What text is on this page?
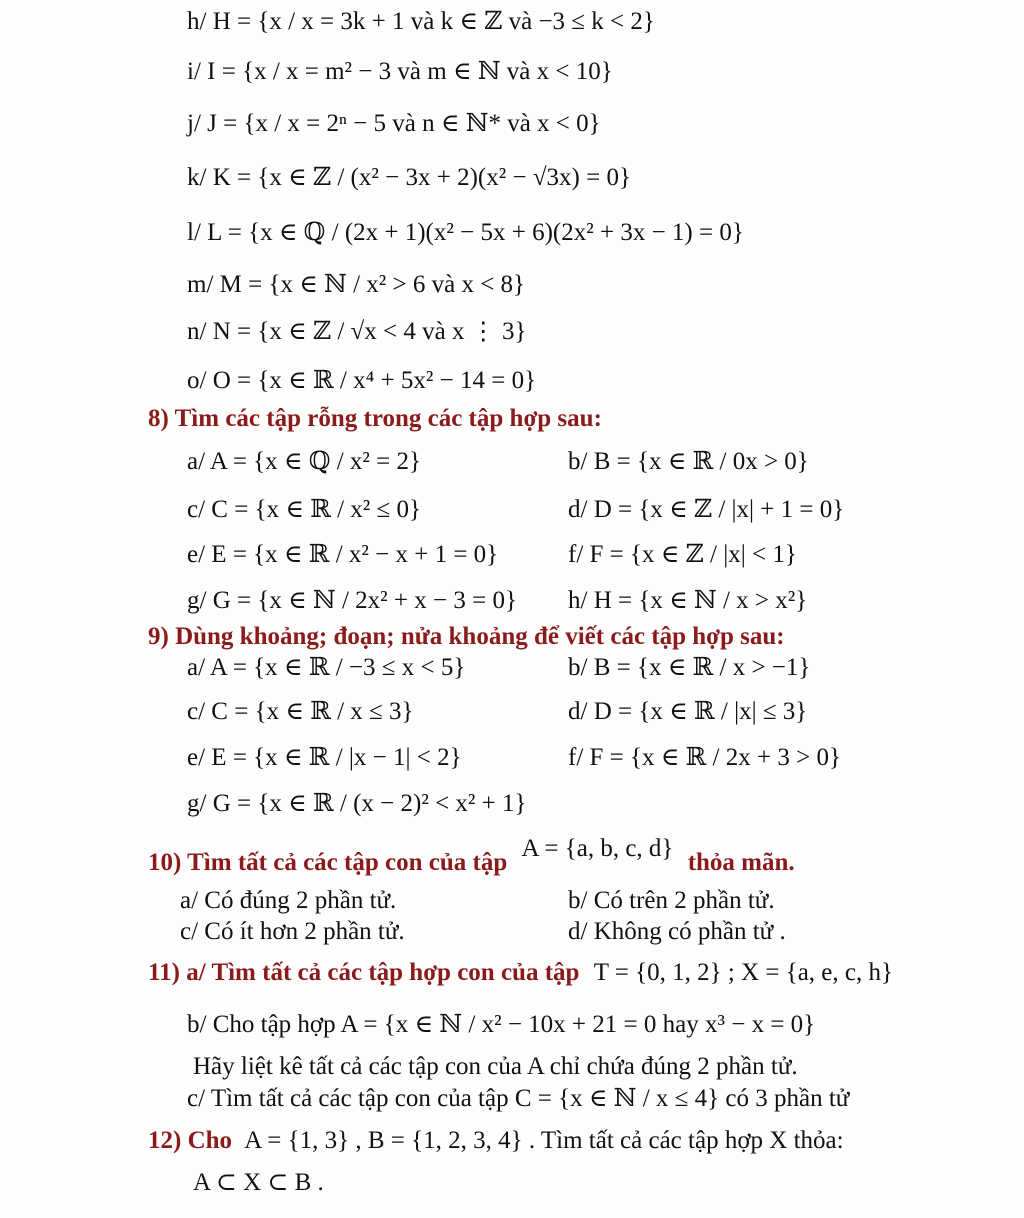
h/ H = {x / x = 3k + 1 và k ∈ ℤ và −3 ≤ k < 2}
i/ I = {x / x = m² − 3 và m ∈ ℕ và x < 10}
j/ J = {x / x = 2ⁿ − 5 và n ∈ ℕ* và x < 0}
k/ K = {x ∈ ℤ / (x² − 3x + 2)(x² − √3x) = 0}
l/ L = {x ∈ ℚ / (2x + 1)(x² − 5x + 6)(2x² + 3x − 1) = 0}
m/ M = {x ∈ ℕ / x² > 6 và x < 8}
n/ N = {x ∈ ℤ / √x < 4 và x ⋮ 3}
o/ O = {x ∈ ℝ / x⁴ + 5x² − 14 = 0}
8) Tìm các tập rỗng trong các tập hợp sau:
a/ A = {x ∈ ℚ / x² = 2}	b/ B = {x ∈ ℝ / 0x > 0}
c/ C = {x ∈ ℝ / x² ≤ 0}	d/ D = {x ∈ ℤ / |x| + 1 = 0}
e/ E = {x ∈ ℝ / x² − x + 1 = 0}	f/ F = {x ∈ ℤ / |x| < 1}
g/ G = {x ∈ ℕ / 2x² + x − 3 = 0} h/ H = {x ∈ ℕ / x > x²}
9) Dùng khoảng; đoạn; nửa khoảng để viết các tập hợp sau:
a/ A = {x ∈ ℝ / −3 ≤ x < 5}	b/ B = {x ∈ ℝ / x > −1}
c/ C = {x ∈ ℝ / x ≤ 3}	d/ D = {x ∈ ℝ / |x| ≤ 3}
e/ E = {x ∈ ℝ / |x − 1| < 2}	f/ F = {x ∈ ℝ / 2x + 3 > 0}
g/ G = {x ∈ ℝ / (x − 2)² < x² + 1}
10) Tìm tất cả các tập con của tập A = {a, b, c, d} thỏa mãn.
a/ Có đúng 2 phần tử.	b/ Có trên 2 phần tử.
c/ Có ít hơn 2 phần tử.	d/ Không có phần tử .
11) a/ Tìm tất cả các tập hợp con của tập T = {0, 1, 2} ; X = {a, e, c, h}
b/ Cho tập hợp A = {x ∈ ℕ / x² − 10x + 21 = 0 hay x³ − x = 0}
Hãy liệt kê tất cả các tập con của A chỉ chứa đúng 2 phần tử.
c/ Tìm tất cả các tập con của tập C = {x ∈ ℕ / x ≤ 4} có 3 phần tử
12) Cho A = {1, 3} , B = {1, 2, 3, 4} . Tìm tất cả các tập hợp X thỏa:
A ⊂ X ⊂ B .
